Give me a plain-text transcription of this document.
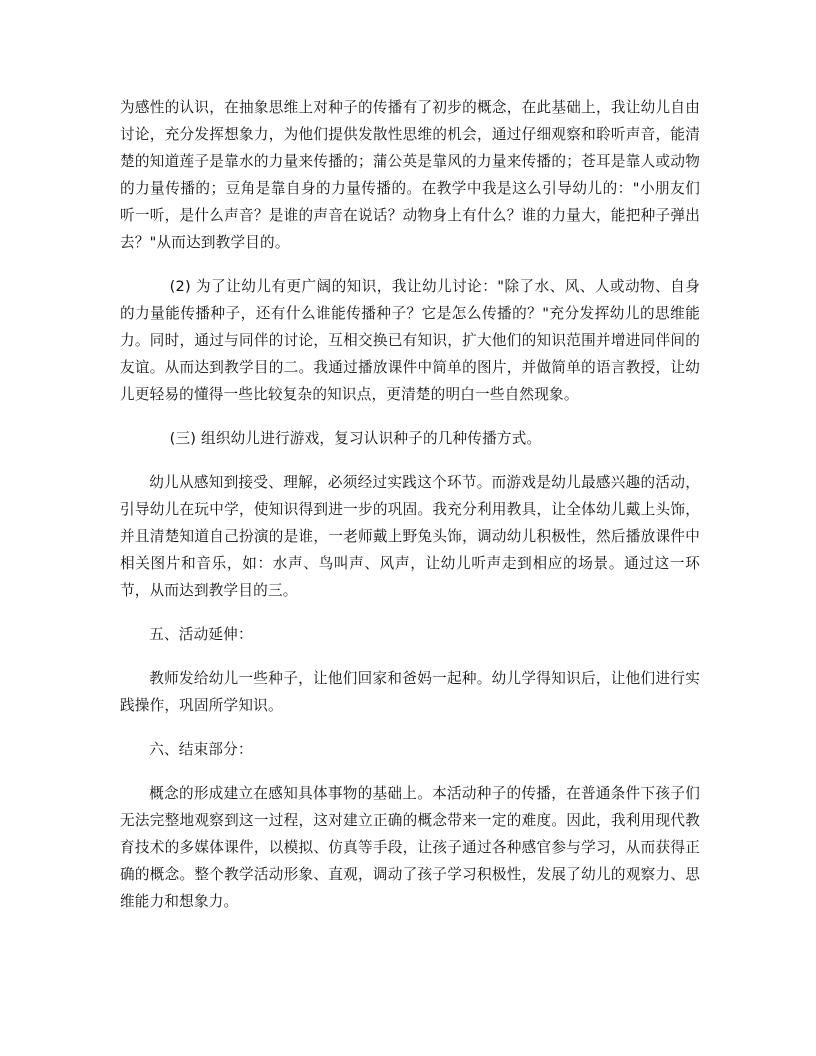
为感性的认识，在抽象思维上对种子的传播有了初步的概念，在此基础上，我让幼儿自由讨论，充分发挥想象力，为他们提供发散性思维的机会，通过仔细观察和聆听声音，能清楚的知道莲子是靠水的力量来传播的；蒲公英是靠风的力量来传播的；苍耳是靠人或动物的力量传播的；豆角是靠自身的力量传播的。在教学中我是这么引导幼儿的："小朋友们听一听，是什么声音？是谁的声音在说话？动物身上有什么？谁的力量大，能把种子弹出去？"从而达到教学目的。

(2) 为了让幼儿有更广阔的知识，我让幼儿讨论："除了水、风、人或动物、自身的力量能传播种子，还有什么谁能传播种子？它是怎么传播的？"充分发挥幼儿的思维能力。同时，通过与同伴的讨论，互相交换已有知识，扩大他们的知识范围并增进同伴间的友谊。从而达到教学目的二。我通过播放课件中简单的图片，并做简单的语言教授，让幼儿更轻易的懂得一些比较复杂的知识点，更清楚的明白一些自然现象。

(三) 组织幼儿进行游戏，复习认识种子的几种传播方式。

幼儿从感知到接受、理解，必须经过实践这个环节。而游戏是幼儿最感兴趣的活动，引导幼儿在玩中学，使知识得到进一步的巩固。我充分利用教具，让全体幼儿戴上头饰，并且清楚知道自己扮演的是谁，一老师戴上野兔头饰，调动幼儿积极性，然后播放课件中相关图片和音乐，如：水声、鸟叫声、风声，让幼儿听声走到相应的场景。通过这一环节，从而达到教学目的三。

五、活动延伸：

教师发给幼儿一些种子，让他们回家和爸妈一起种。幼儿学得知识后，让他们进行实践操作，巩固所学知识。

六、结束部分：

概念的形成建立在感知具体事物的基础上。本活动种子的传播，在普通条件下孩子们无法完整地观察到这一过程，这对建立正确的概念带来一定的难度。因此，我利用现代教育技术的多媒体课件，以模拟、仿真等手段，让孩子通过各种感官参与学习，从而获得正确的概念。整个教学活动形象、直观，调动了孩子学习积极性，发展了幼儿的观察力、思维能力和想象力。
